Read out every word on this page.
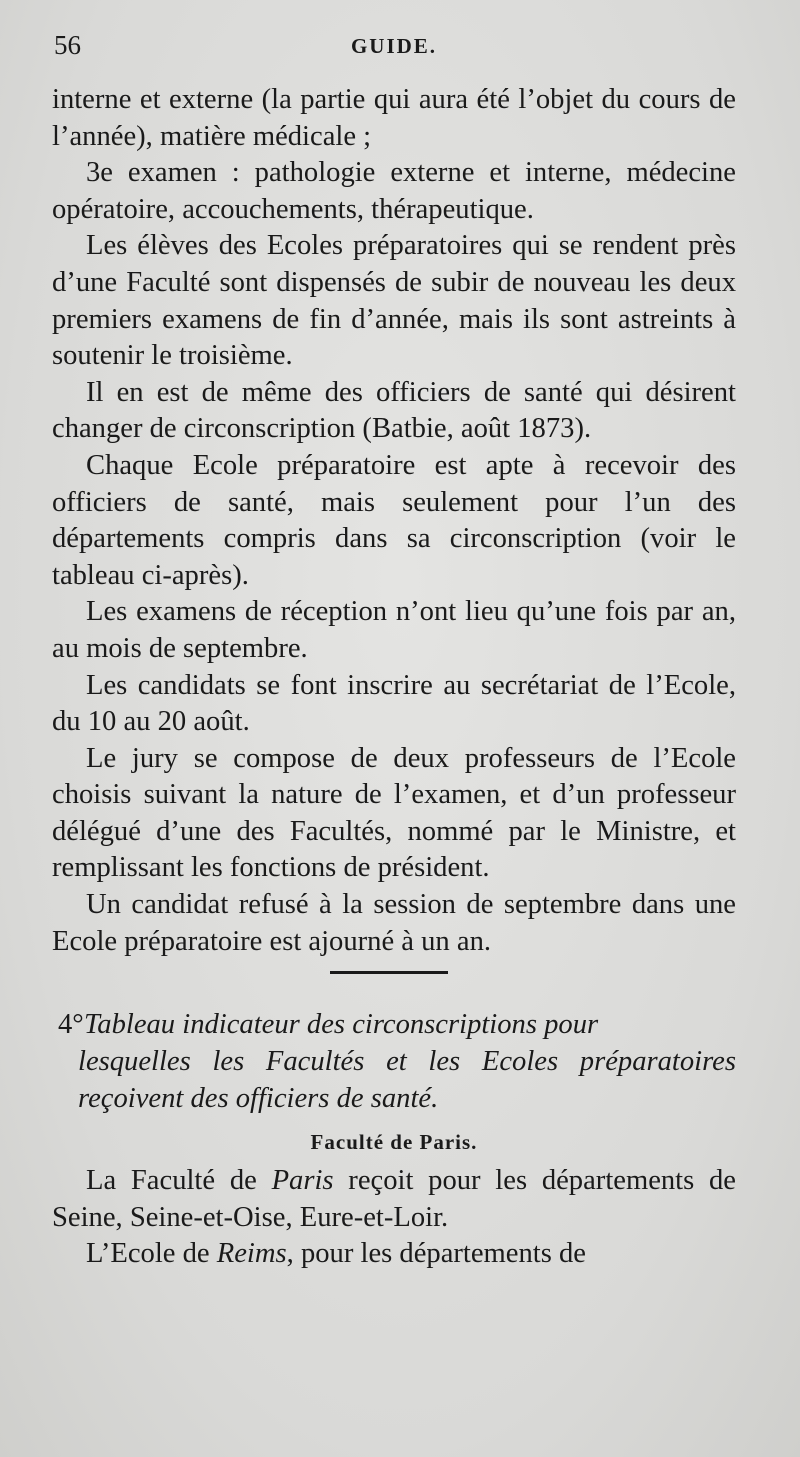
56	GUIDE.

interne et externe (la partie qui aura été l’objet du cours de l’année), matière médicale ;

3e examen : pathologie externe et interne, médecine opératoire, accouchements, thérapeutique.

Les élèves des Ecoles préparatoires qui se rendent près d’une Faculté sont dispensés de subir de nouveau les deux premiers examens de fin d’année, mais ils sont astreints à soutenir le troisième.

Il en est de même des officiers de santé qui désirent changer de circonscription (Batbie, août 1873).

Chaque Ecole préparatoire est apte à recevoir des officiers de santé, mais seulement pour l’un des départements compris dans sa circonscription (voir le tableau ci-après).

Les examens de réception n’ont lieu qu’une fois par an, au mois de septembre.

Les candidats se font inscrire au secrétariat de l’Ecole, du 10 au 20 août.

Le jury se compose de deux professeurs de l’Ecole choisis suivant la nature de l’examen, et d’un professeur délégué d’une des Facultés, nommé par le Ministre, et remplissant les fonctions de président.

Un candidat refusé à la session de septembre dans une Ecole préparatoire est ajourné à un an.

4°Tableau indicateur des circonscriptions pour
lesquelles les Facultés et les Ecoles préparatoires reçoivent des officiers de santé.
Faculté de Paris.

La Faculté de Paris reçoit pour les départements de Seine, Seine-et-Oise, Eure-et-Loir.

L’Ecole de Reims, pour les départements de
